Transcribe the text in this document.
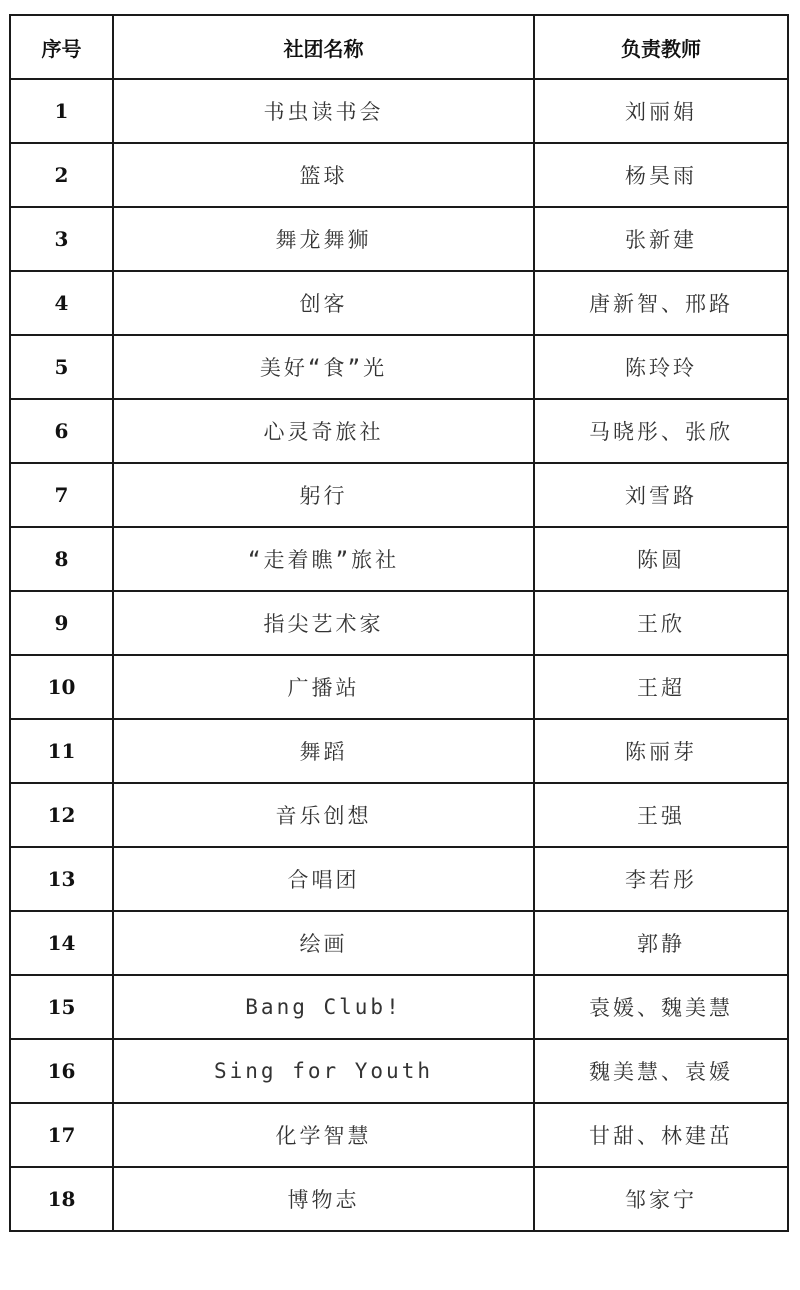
序号	社团名称	负责教师
1	书虫读书会	刘丽娟
2	篮球	杨昊雨
3	舞龙舞狮	张新建
4	创客	唐新智、邢路
5	美好“食”光	陈玲玲
6	心灵奇旅社	马晓彤、张欣
7	躬行	刘雪路
8	“走着瞧”旅社	陈圆
9	指尖艺术家	王欣
10	广播站	王超
11	舞蹈	陈丽芽
12	音乐创想	王强
13	合唱团	李若彤
14	绘画	郭静
15	Bang Club!	袁媛、魏美慧
16	Sing for Youth	魏美慧、袁媛
17	化学智慧	甘甜、林建茁
18	博物志	邹家宁
